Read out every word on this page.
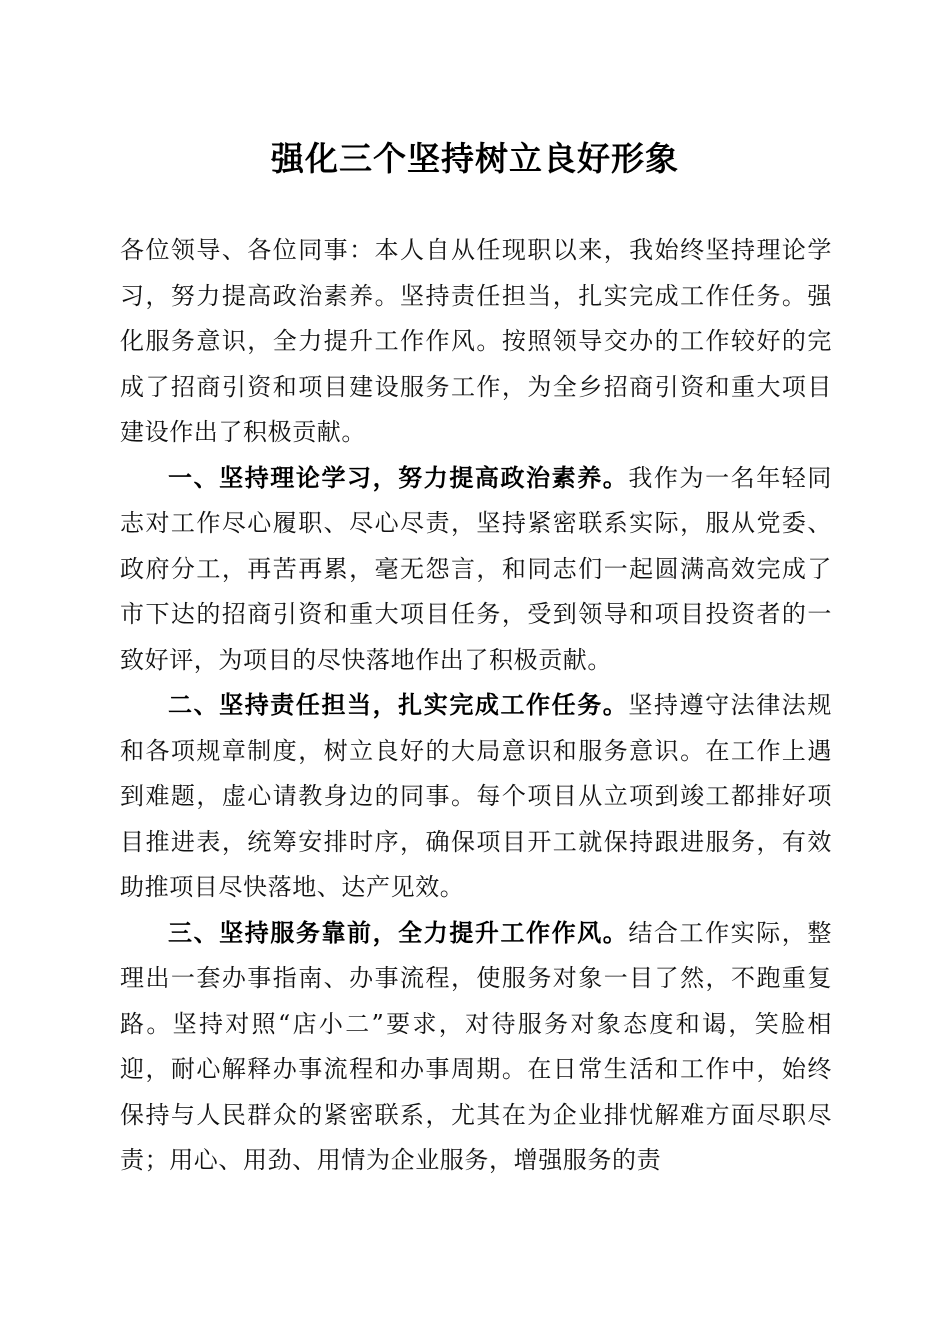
强化三个坚持树立良好形象

各位领导、各位同事：本人自从任现职以来，我始终坚持理论学习，努力提高政治素养。坚持责任担当，扎实完成工作任务。强化服务意识，全力提升工作作风。按照领导交办的工作较好的完成了招商引资和项目建设服务工作，为全乡招商引资和重大项目建设作出了积极贡献。

一、坚持理论学习，努力提高政治素养。我作为一名年轻同志对工作尽心履职、尽心尽责，坚持紧密联系实际，服从党委、政府分工，再苦再累，毫无怨言，和同志们一起圆满高效完成了市下达的招商引资和重大项目任务，受到领导和项目投资者的一致好评，为项目的尽快落地作出了积极贡献。

二、坚持责任担当，扎实完成工作任务。坚持遵守法律法规和各项规章制度，树立良好的大局意识和服务意识。在工作上遇到难题，虚心请教身边的同事。每个项目从立项到竣工都排好项目推进表，统筹安排时序，确保项目开工就保持跟进服务，有效助推项目尽快落地、达产见效。

三、坚持服务靠前，全力提升工作作风。结合工作实际，整理出一套办事指南、办事流程，使服务对象一目了然，不跑重复路。坚持对照“店小二”要求，对待服务对象态度和谒，笑脸相迎，耐心解释办事流程和办事周期。在日常生活和工作中，始终保持与人民群众的紧密联系，尤其在为企业排忧解难方面尽职尽责；用心、用劲、用情为企业服务，增强服务的责
